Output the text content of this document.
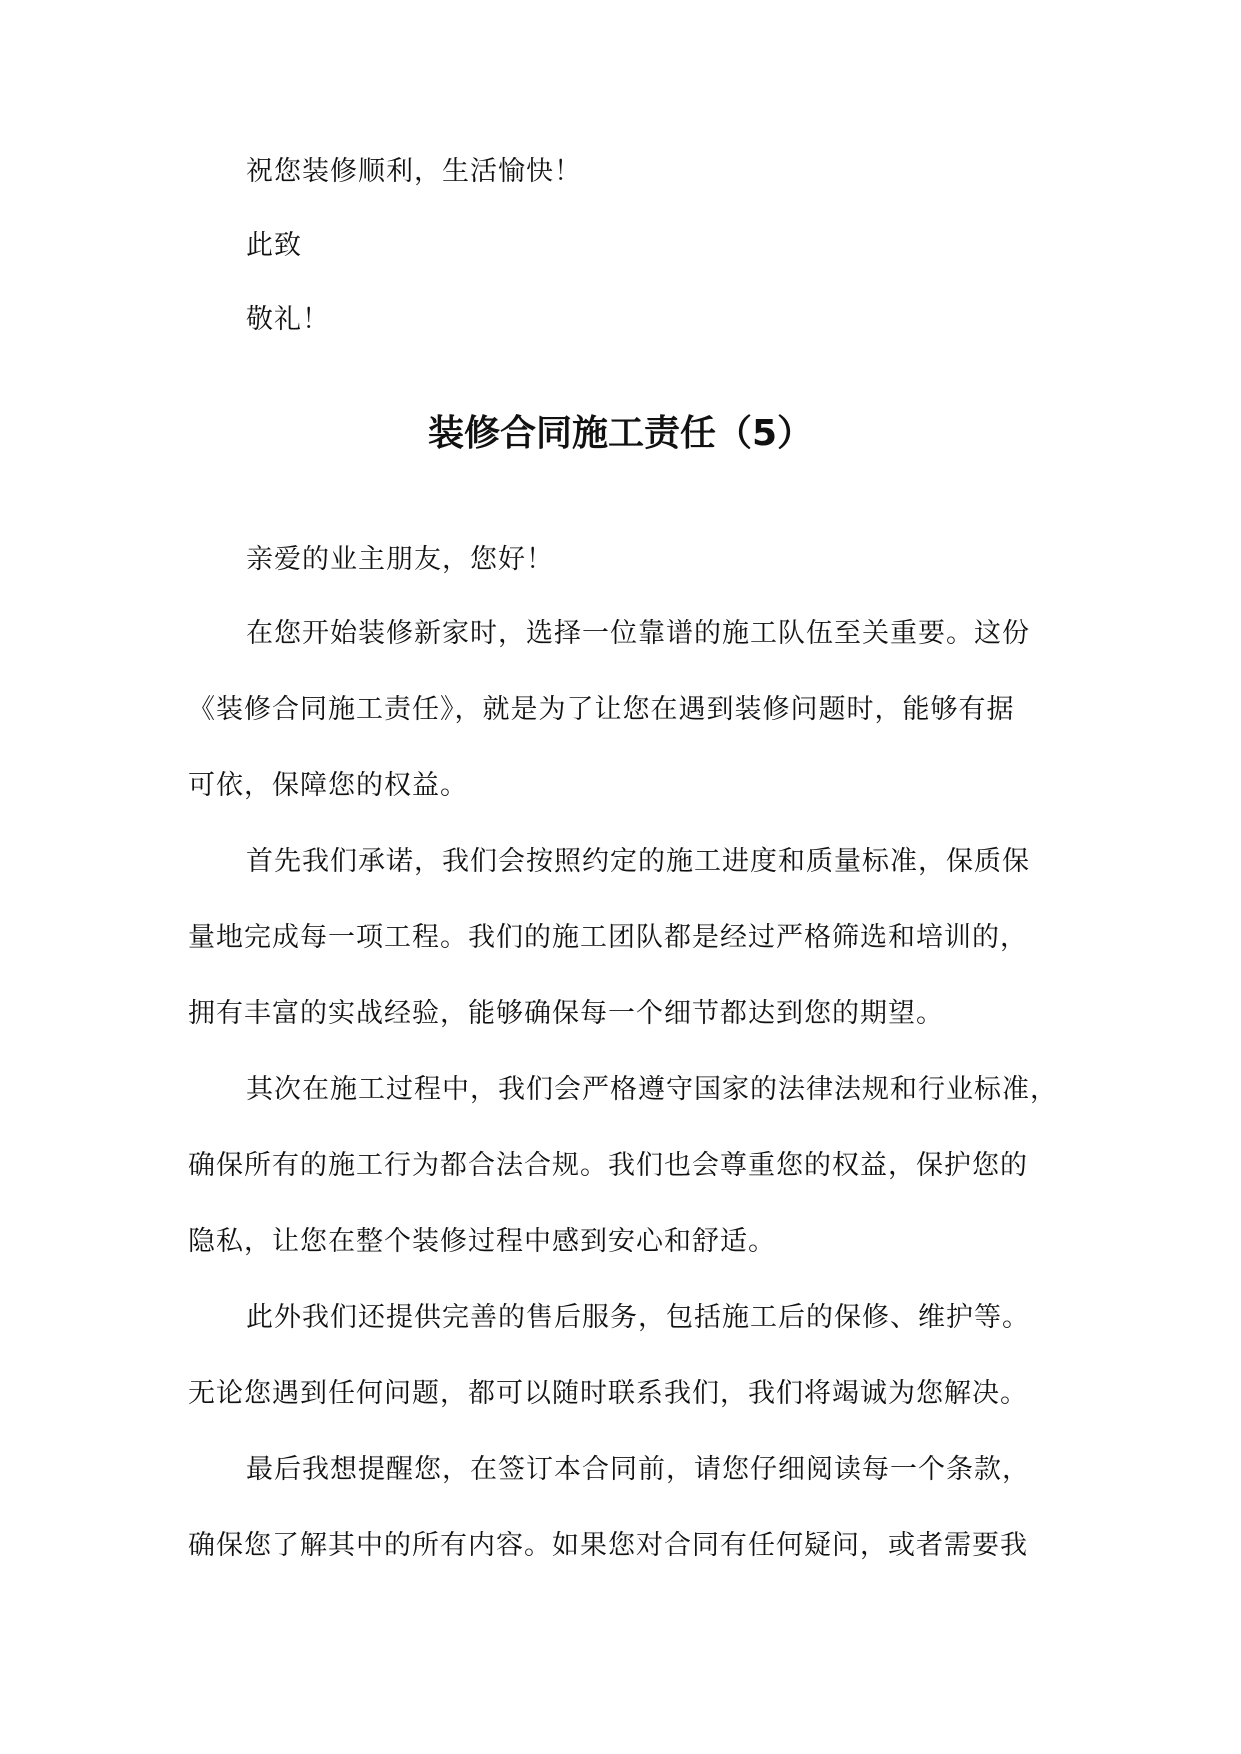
祝您装修顺利，生活愉快！
此致
敬礼！
装修合同施工责任（5）
亲爱的业主朋友，您好！
在您开始装修新家时，选择一位靠谱的施工队伍至关重要。这份
《装修合同施工责任》，就是为了让您在遇到装修问题时，能够有据
可依，保障您的权益。
首先我们承诺，我们会按照约定的施工进度和质量标准，保质保
量地完成每一项工程。我们的施工团队都是经过严格筛选和培训的，
拥有丰富的实战经验，能够确保每一个细节都达到您的期望。
其次在施工过程中，我们会严格遵守国家的法律法规和行业标准，
确保所有的施工行为都合法合规。我们也会尊重您的权益，保护您的
隐私，让您在整个装修过程中感到安心和舒适。
此外我们还提供完善的售后服务，包括施工后的保修、维护等。
无论您遇到任何问题，都可以随时联系我们，我们将竭诚为您解决。
最后我想提醒您，在签订本合同前，请您仔细阅读每一个条款，
确保您了解其中的所有内容。如果您对合同有任何疑问，或者需要我
